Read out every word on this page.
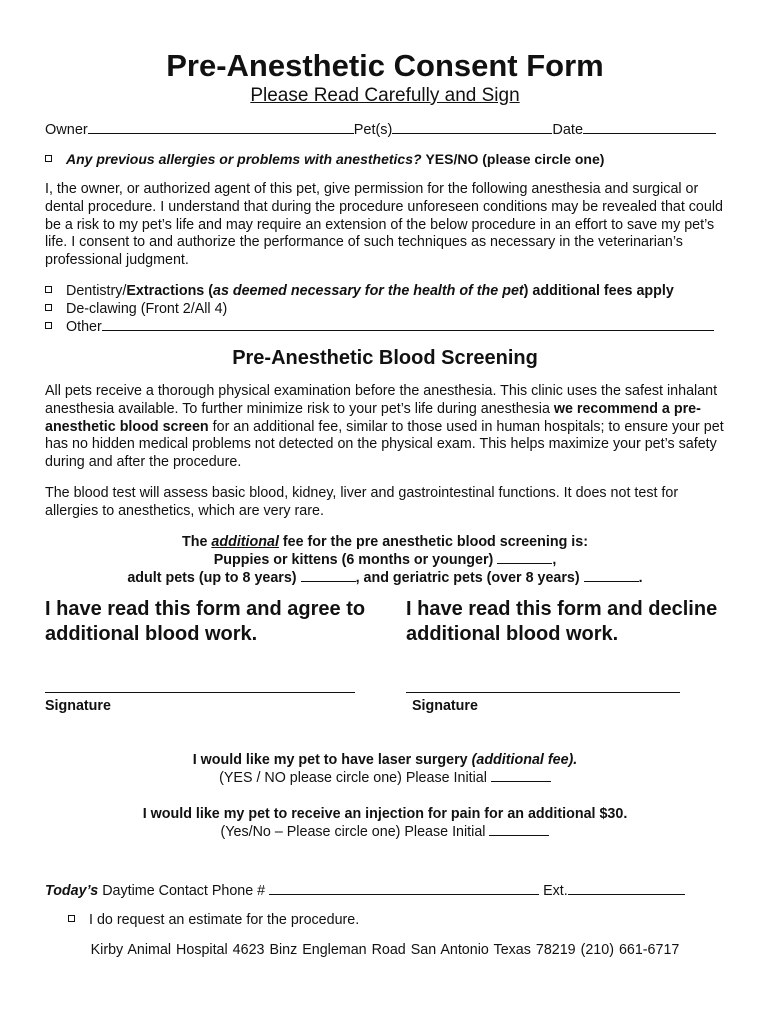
Pre-Anesthetic Consent Form
Please Read Carefully and Sign
Owner	Pet(s)	Date
Any previous allergies or problems with anesthetics? YES/NO (please circle one)
I, the owner, or authorized agent of this pet, give permission for the following anesthesia and surgical or dental procedure. I understand that during the procedure unforeseen conditions may be revealed that could be a risk to my pet’s life and may require an extension of the below procedure in an effort to save my pet’s life. I consent to and authorize the performance of such techniques as necessary in the veterinarian’s professional judgment.
Dentistry/Extractions (as deemed necessary for the health of the pet) additional fees apply
De-clawing (Front 2/All 4)
Other
Pre-Anesthetic Blood Screening
All pets receive a thorough physical examination before the anesthesia. This clinic uses the safest inhalant anesthesia available. To further minimize risk to your pet’s life during anesthesia we recommend a pre-anesthetic blood screen for an additional fee, similar to those used in human hospitals; to ensure your pet has no hidden medical problems not detected on the physical exam. This helps maximize your pet’s safety during and after the procedure.
The blood test will assess basic blood, kidney, liver and gastrointestinal functions. It does not test for allergies to anesthetics, which are very rare.
The additional fee for the pre anesthetic blood screening is:
Puppies or kittens (6 months or younger)	,
adult pets (up to 8 years)	, and geriatric pets (over 8 years)	.
I have read this form and agree to additional blood work.
I have read this form and decline additional blood work.
Signature	Signature
I would like my pet to have laser surgery (additional fee).
(YES / NO please circle one) Please Initial
I would like my pet to receive an injection for pain for an additional $30.
(Yes/No – Please circle one) Please Initial
Today’s Daytime Contact Phone #	Ext.
I do request an estimate for the procedure.
Kirby Animal Hospital 4623 Binz Engleman Road San Antonio Texas 78219 (210) 661-6717
